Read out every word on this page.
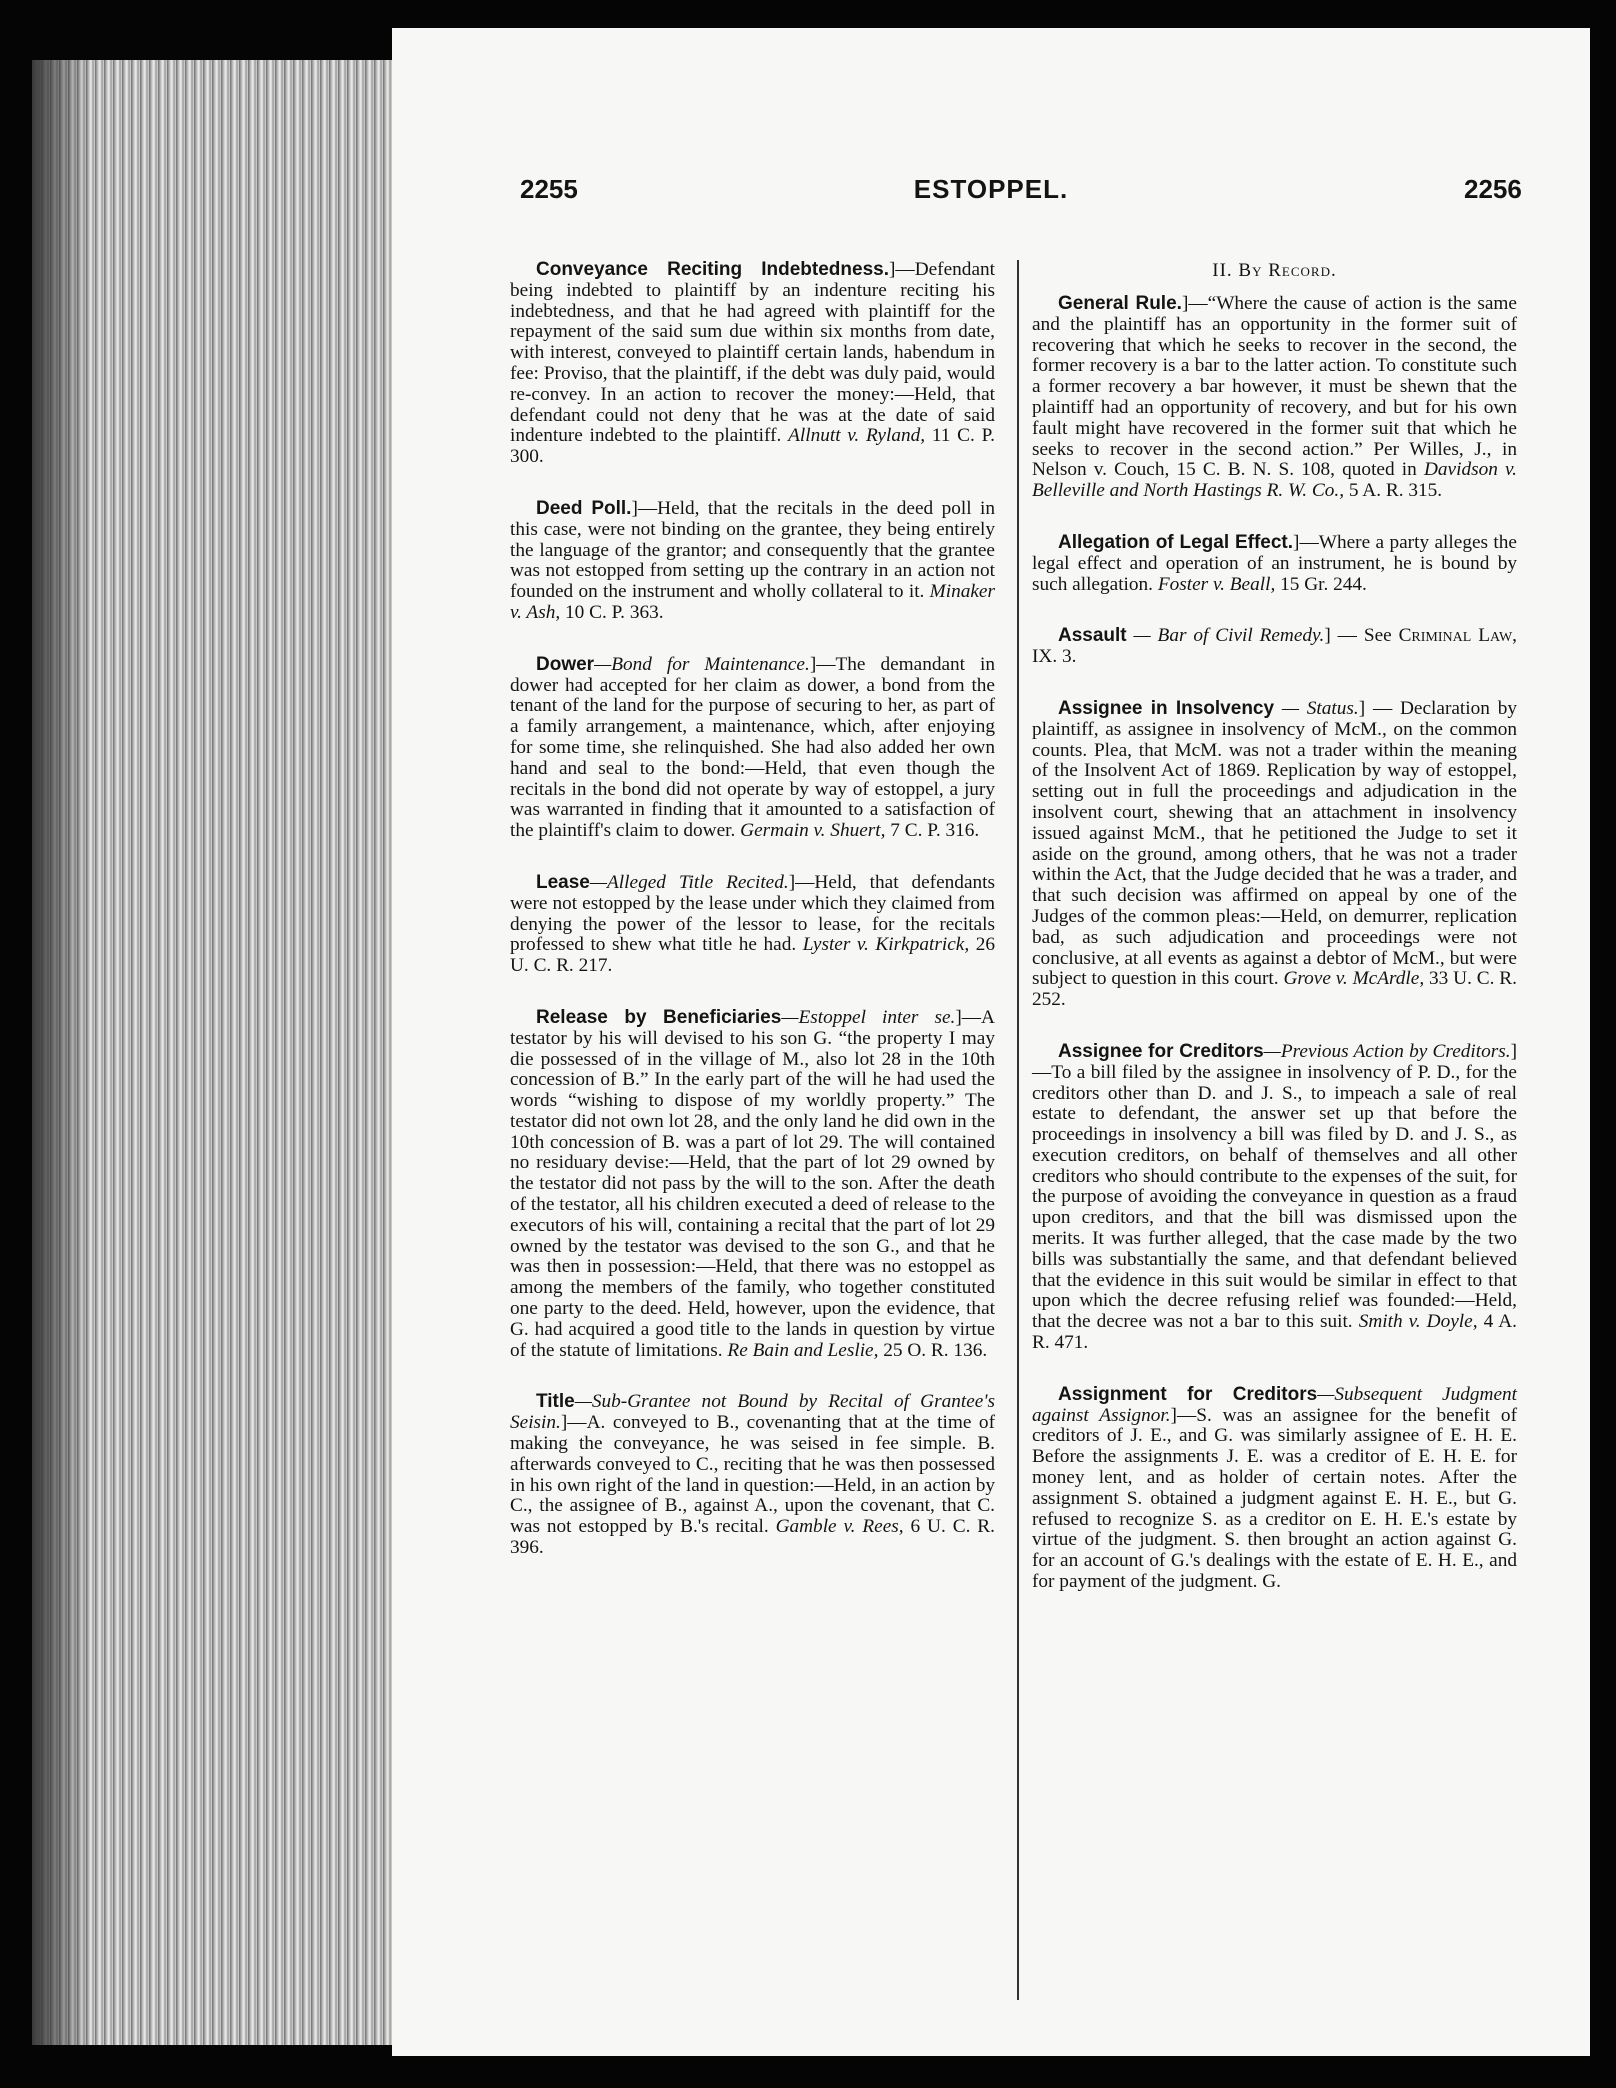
2255	ESTOPPEL.	2256

Conveyance Reciting Indebtedness.]—Defendant being indebted to plaintiff by an indenture reciting his indebtedness, and that he had agreed with plaintiff for the repayment of the said sum due within six months from date, with interest, conveyed to plaintiff certain lands, habendum in fee: Proviso, that the plaintiff, if the debt was duly paid, would re-convey. In an action to recover the money:—Held, that defendant could not deny that he was at the date of said indenture indebted to the plaintiff. Allnutt v. Ryland, 11 C. P. 300.

Deed Poll.]—Held, that the recitals in the deed poll in this case, were not binding on the grantee, they being entirely the language of the grantor; and consequently that the grantee was not estopped from setting up the contrary in an action not founded on the instrument and wholly collateral to it. Minaker v. Ash, 10 C. P. 363.

Dower—Bond for Maintenance.]—The demandant in dower had accepted for her claim as dower, a bond from the tenant of the land for the purpose of securing to her, as part of a family arrangement, a maintenance, which, after enjoying for some time, she relinquished. She had also added her own hand and seal to the bond:—Held, that even though the recitals in the bond did not operate by way of estoppel, a jury was warranted in finding that it amounted to a satisfaction of the plaintiff's claim to dower. Germain v. Shuert, 7 C. P. 316.

Lease—Alleged Title Recited.]—Held, that defendants were not estopped by the lease under which they claimed from denying the power of the lessor to lease, for the recitals professed to shew what title he had. Lyster v. Kirkpatrick, 26 U. C. R. 217.

Release by Beneficiaries—Estoppel inter se.]—A testator by his will devised to his son G. “the property I may die possessed of in the village of M., also lot 28 in the 10th concession of B.” In the early part of the will he had used the words “wishing to dispose of my worldly property.” The testator did not own lot 28, and the only land he did own in the 10th concession of B. was a part of lot 29. The will contained no residuary devise:—Held, that the part of lot 29 owned by the testator did not pass by the will to the son. After the death of the testator, all his children executed a deed of release to the executors of his will, containing a recital that the part of lot 29 owned by the testator was devised to the son G., and that he was then in possession:—Held, that there was no estoppel as among the members of the family, who together constituted one party to the deed. Held, however, upon the evidence, that G. had acquired a good title to the lands in question by virtue of the statute of limitations. Re Bain and Leslie, 25 O. R. 136.

Title—Sub-Grantee not Bound by Recital of Grantee's Seisin.]—A. conveyed to B., covenanting that at the time of making the conveyance, he was seised in fee simple. B. afterwards conveyed to C., reciting that he was then possessed in his own right of the land in question:—Held, in an action by C., the assignee of B., against A., upon the covenant, that C. was not estopped by B.'s recital. Gamble v. Rees, 6 U. C. R. 396.

II. By Record.

General Rule.]—“Where the cause of action is the same and the plaintiff has an opportunity in the former suit of recovering that which he seeks to recover in the second, the former recovery is a bar to the latter action. To constitute such a former recovery a bar however, it must be shewn that the plaintiff had an opportunity of recovery, and but for his own fault might have recovered in the former suit that which he seeks to recover in the second action.” Per Willes, J., in Nelson v. Couch, 15 C. B. N. S. 108, quoted in Davidson v. Belleville and North Hastings R. W. Co., 5 A. R. 315.

Allegation of Legal Effect.]—Where a party alleges the legal effect and operation of an instrument, he is bound by such allegation. Foster v. Beall, 15 Gr. 244.

Assault — Bar of Civil Remedy.] — See Criminal Law, IX. 3.

Assignee in Insolvency — Status.] — Declaration by plaintiff, as assignee in insolvency of McM., on the common counts. Plea, that McM. was not a trader within the meaning of the Insolvent Act of 1869. Replication by way of estoppel, setting out in full the proceedings and adjudication in the insolvent court, shewing that an attachment in insolvency issued against McM., that he petitioned the Judge to set it aside on the ground, among others, that he was not a trader within the Act, that the Judge decided that he was a trader, and that such decision was affirmed on appeal by one of the Judges of the common pleas:—Held, on demurrer, replication bad, as such adjudication and proceedings were not conclusive, at all events as against a debtor of McM., but were subject to question in this court. Grove v. McArdle, 33 U. C. R. 252.

Assignee for Creditors—Previous Action by Creditors.]—To a bill filed by the assignee in insolvency of P. D., for the creditors other than D. and J. S., to impeach a sale of real estate to defendant, the answer set up that before the proceedings in insolvency a bill was filed by D. and J. S., as execution creditors, on behalf of themselves and all other creditors who should contribute to the expenses of the suit, for the purpose of avoiding the conveyance in question as a fraud upon creditors, and that the bill was dismissed upon the merits. It was further alleged, that the case made by the two bills was substantially the same, and that defendant believed that the evidence in this suit would be similar in effect to that upon which the decree refusing relief was founded:—Held, that the decree was not a bar to this suit. Smith v. Doyle, 4 A. R. 471.

Assignment for Creditors—Subsequent Judgment against Assignor.]—S. was an assignee for the benefit of creditors of J. E., and G. was similarly assignee of E. H. E. Before the assignments J. E. was a creditor of E. H. E. for money lent, and as holder of certain notes. After the assignment S. obtained a judgment against E. H. E., but G. refused to recognize S. as a creditor on E. H. E.'s estate by virtue of the judgment. S. then brought an action against G. for an account of G.'s dealings with the estate of E. H. E., and for payment of the judgment. G.
